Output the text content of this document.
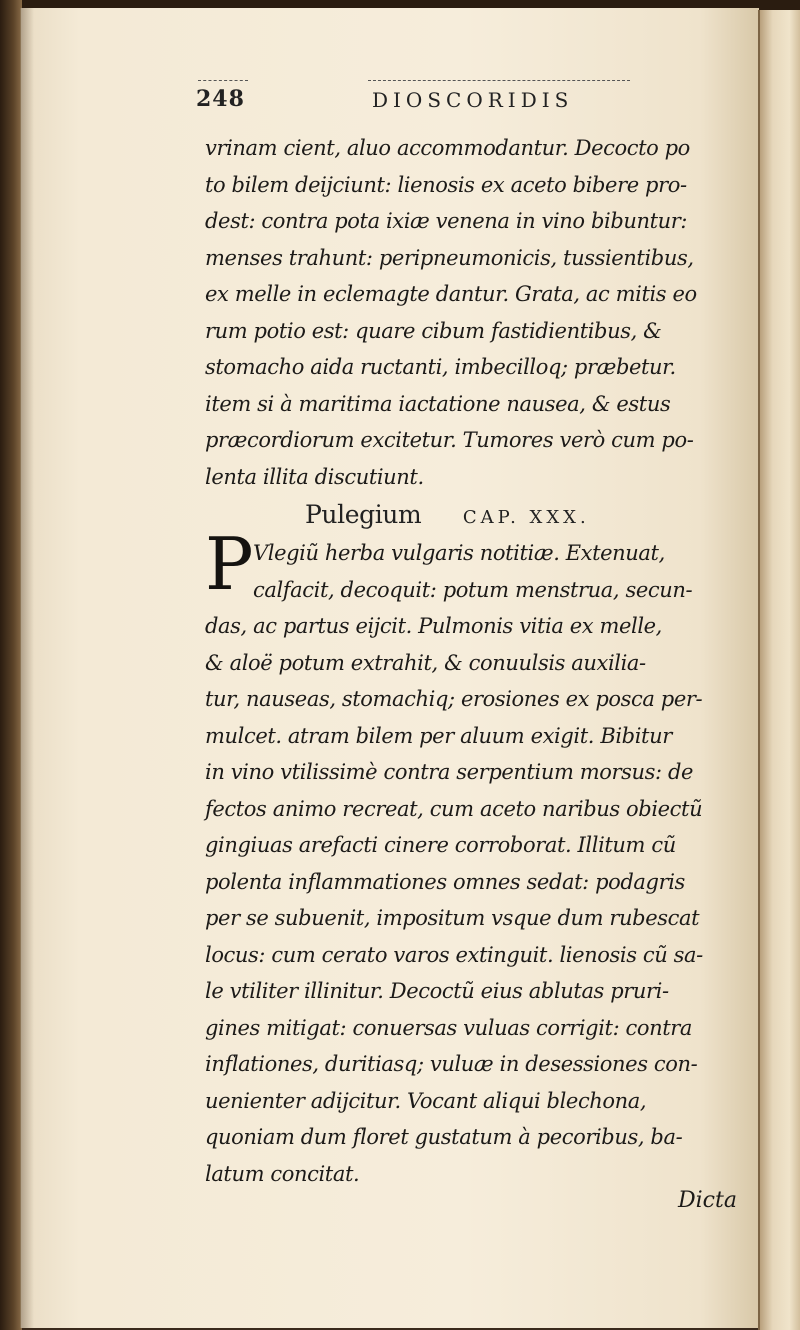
248	DIOSCORIDIS
P
vrinam cient, aluo accommodantur. Decocto po
to bilem deijciunt: lienosis ex aceto bibere pro-
dest: contra pota ixiæ venena in vino bibuntur:
menses trahunt: peripneumonicis, tussientibus,
ex melle in eclemagte dantur. Grata, ac mitis eo
rum potio est: quare cibum fastidientibus, &
stomacho aida ructanti, imbecilloq; præbetur.
item si à maritima iactatione nausea, & estus
præcordiorum excitetur. Tumores verò cum po-
lenta illita discutiunt.
Pulegium CAP. XXX.
Vlegiũ herba vulgaris notitiæ. Extenuat,
calfacit, decoquit: potum menstrua, secun-
das, ac partus eijcit. Pulmonis vitia ex melle,
& aloë potum extrahit, & conuulsis auxilia-
tur, nauseas, stomachiq; erosiones ex posca per-
mulcet. atram bilem per aluum exigit. Bibitur
in vino vtilissimè contra serpentium morsus: de
fectos animo recreat, cum aceto naribus obiectũ
gingiuas arefacti cinere corroborat. Illitum cũ
polenta inflammationes omnes sedat: podagris
per se subuenit, impositum vsque dum rubescat
locus: cum cerato varos extinguit. lienosis cũ sa-
le vtiliter illinitur. Decoctũ eius ablutas pruri-
gines mitigat: conuersas vuluas corrigit: contra
inflationes, duritiasq; vuluæ in desessiones con-
uenienter adijcitur. Vocant aliqui blechona,
quoniam dum floret gustatum à pecoribus, ba-
latum concitat.
Dicta
